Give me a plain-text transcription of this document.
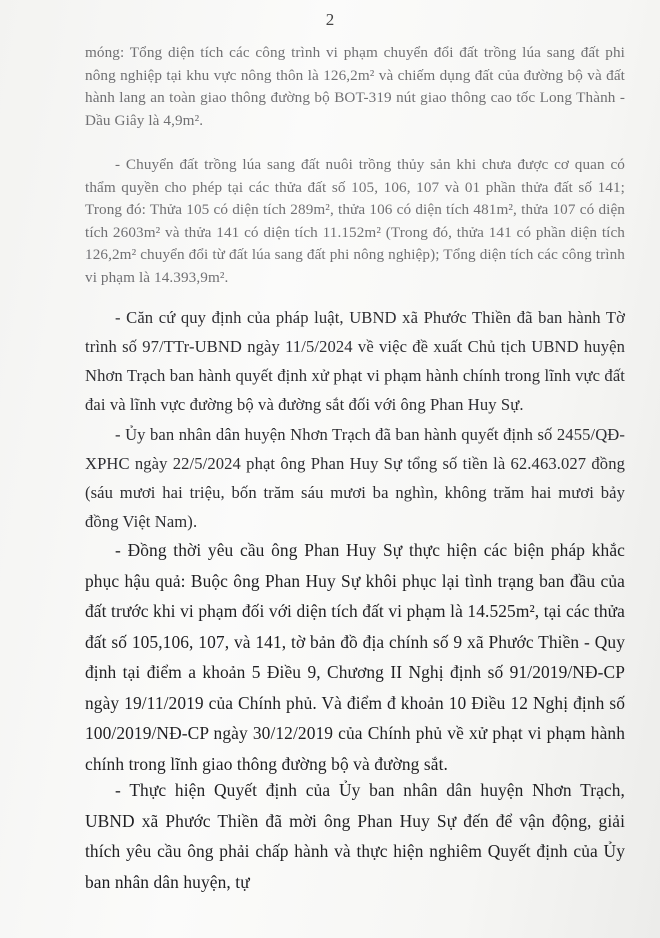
2

móng: Tổng diện tích các công trình vi phạm chuyển đổi đất trồng lúa sang đất phi nông nghiệp tại khu vực nông thôn là 126,2m² và chiếm dụng đất của đường bộ và đất hành lang an toàn giao thông đường bộ BOT-319 nút giao thông cao tốc Long Thành - Dầu Giây là 4,9m².

- Chuyển đất trồng lúa sang đất nuôi trồng thủy sản khi chưa được cơ quan có thẩm quyền cho phép tại các thửa đất số 105, 106, 107 và 01 phần thửa đất số 141; Trong đó: Thửa 105 có diện tích 289m², thửa 106 có diện tích 481m², thửa 107 có diện tích 2603m² và thửa 141 có diện tích 11.152m² (Trong đó, thửa 141 có phần diện tích 126,2m² chuyển đổi từ đất lúa sang đất phi nông nghiệp); Tổng diện tích các công trình vi phạm là 14.393,9m².

- Căn cứ quy định của pháp luật, UBND xã Phước Thiền đã ban hành Tờ trình số 97/TTr-UBND ngày 11/5/2024 về việc đề xuất Chủ tịch UBND huyện Nhơn Trạch ban hành quyết định xử phạt vi phạm hành chính trong lĩnh vực đất đai và lĩnh vực đường bộ và đường sắt đối với ông Phan Huy Sự.

- Ủy ban nhân dân huyện Nhơn Trạch đã ban hành quyết định số 2455/QĐ-XPHC ngày 22/5/2024 phạt ông Phan Huy Sự tổng số tiền là 62.463.027 đồng (sáu mươi hai triệu, bốn trăm sáu mươi ba nghìn, không trăm hai mươi bảy đồng Việt Nam).

- Đồng thời yêu cầu ông Phan Huy Sự thực hiện các biện pháp khắc phục hậu quả: Buộc ông Phan Huy Sự khôi phục lại tình trạng ban đầu của đất trước khi vi phạm đối với diện tích đất vi phạm là 14.525m², tại các thửa đất số 105,106, 107, và 141, tờ bản đồ địa chính số 9 xã Phước Thiền - Quy định tại điểm a khoản 5 Điều 9, Chương II Nghị định số 91/2019/NĐ-CP ngày 19/11/2019 của Chính phủ. Và điểm đ khoản 10 Điều 12 Nghị định số 100/2019/NĐ-CP ngày 30/12/2019 của Chính phủ về xử phạt vi phạm hành chính trong lĩnh giao thông đường bộ và đường sắt.

- Thực hiện Quyết định của Ủy ban nhân dân huyện Nhơn Trạch, UBND xã Phước Thiền đã mời ông Phan Huy Sự đến để vận động, giải thích yêu cầu ông phải chấp hành và thực hiện nghiêm Quyết định của Ủy ban nhân dân huyện, tự
